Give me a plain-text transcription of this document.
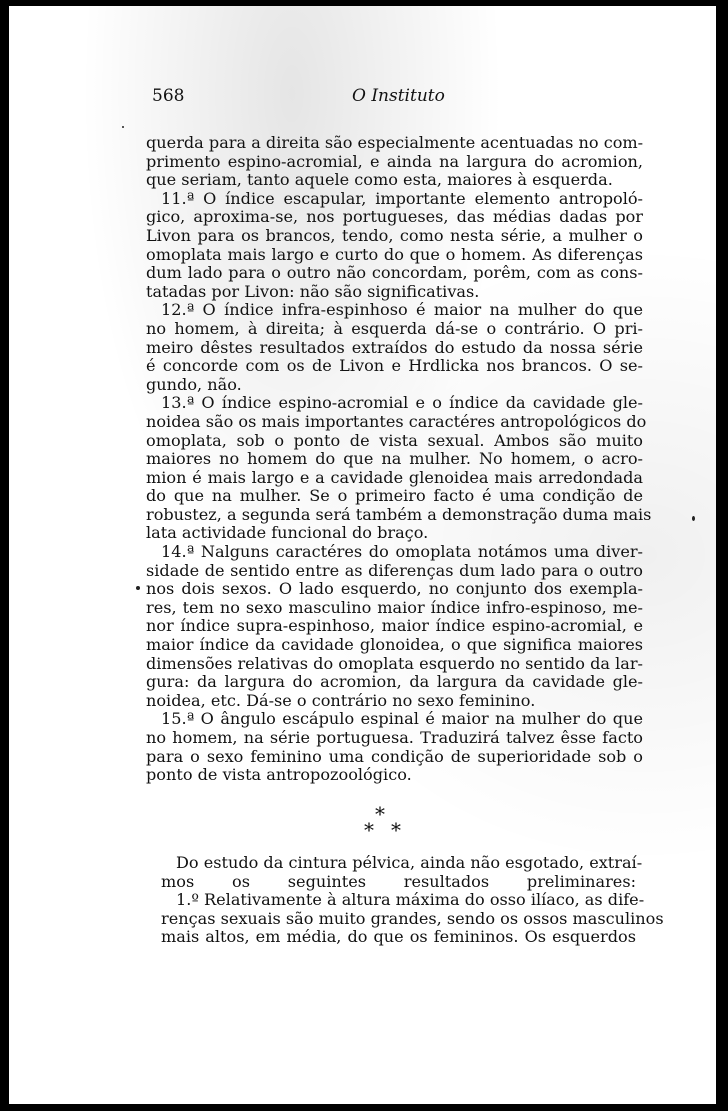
568	O Instituto
querda para a direita são especialmente acentuadas no com-
primento espino-acromial, e ainda na largura do acromion,
que seriam, tanto aquele como esta, maiores à esquerda.
11.ª O índice escapular, importante elemento antropoló-
gico, aproxima-se, nos portugueses, das médias dadas por
Livon para os brancos, tendo, como nesta série, a mulher o
omoplata mais largo e curto do que o homem. As diferenças
dum lado para o outro não concordam, porêm, com as cons-
tatadas por Livon: não são significativas.
12.ª O índice infra-espinhoso é maior na mulher do que
no homem, à direita; à esquerda dá-se o contrário. O pri-
meiro dêstes resultados extraídos do estudo da nossa série
é concorde com os de Livon e Hrdlicka nos brancos. O se-
gundo, não.
13.ª O índice espino-acromial e o índice da cavidade gle-
noidea são os mais importantes caractéres antropológicos do
omoplata, sob o ponto de vista sexual. Ambos são muito
maiores no homem do que na mulher. No homem, o acro-
mion é mais largo e a cavidade glenoidea mais arredondada
do que na mulher. Se o primeiro facto é uma condição de
robustez, a segunda será também a demonstração duma mais
lata actividade funcional do braço.
14.ª Nalguns caractéres do omoplata notámos uma diver-
sidade de sentido entre as diferenças dum lado para o outro
nos dois sexos. O lado esquerdo, no conjunto dos exempla-
res, tem no sexo masculino maior índice infro-espinoso, me-
nor índice supra-espinhoso, maior índice espino-acromial, e
maior índice da cavidade glonoidea, o que significa maiores
dimensões relativas do omoplata esquerdo no sentido da lar-
gura: da largura do acromion, da largura da cavidade gle-
noidea, etc. Dá-se o contrário no sexo feminino.
15.ª O ângulo escápulo espinal é maior na mulher do que
no homem, na série portuguesa. Traduzirá talvez êsse facto
para o sexo feminino uma condição de superioridade sob o
ponto de vista antropozoológico.
*
* *
Do estudo da cintura pélvica, ainda não esgotado, extraí-
mos os seguintes resultados preliminares:
1.º Relativamente à altura máxima do osso ilíaco, as dife-
renças sexuais são muito grandes, sendo os ossos masculinos
mais altos, em média, do que os femininos. Os esquerdos
